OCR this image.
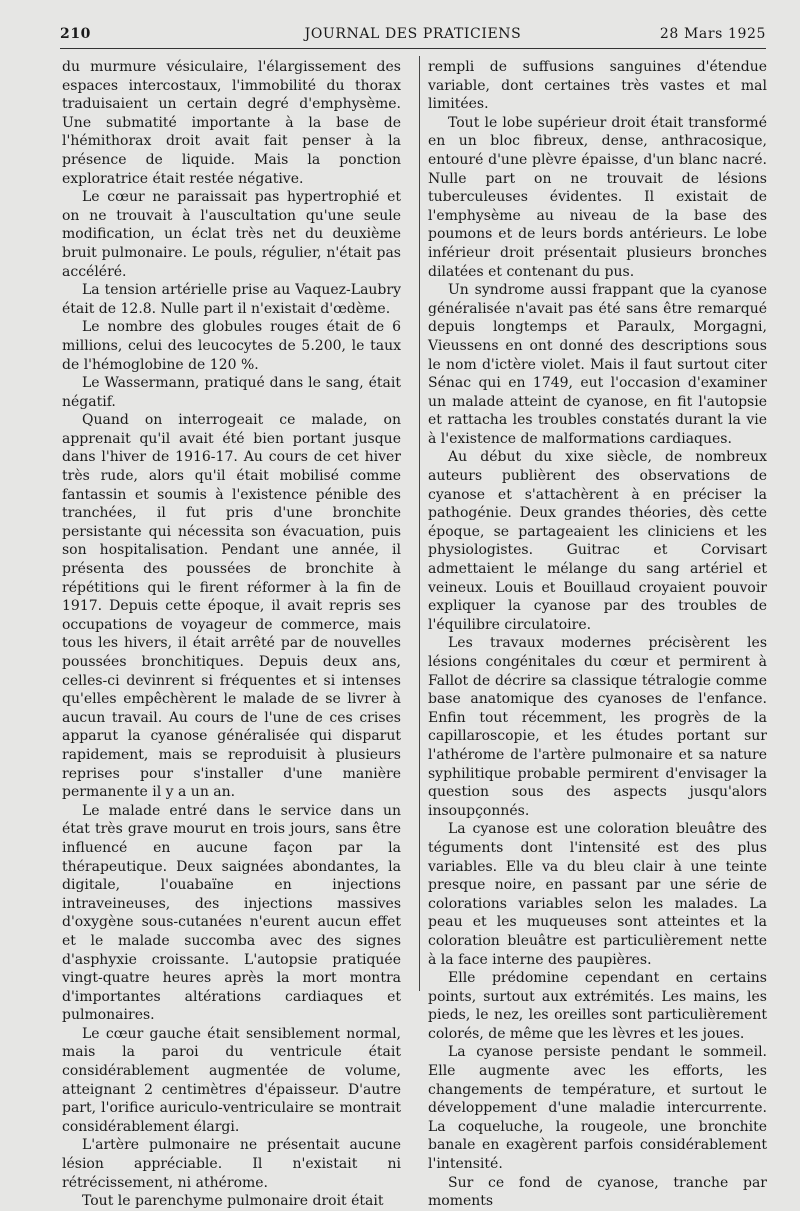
210	JOURNAL DES PRATICIENS	28 Mars 1925

du murmure vésiculaire, l'élargissement des espaces intercostaux, l'immobilité du thorax traduisaient un certain degré d'emphysème. Une submatité importante à la base de l'hémithorax droit avait fait penser à la présence de liquide. Mais la ponction exploratrice était restée négative.

Le cœur ne paraissait pas hypertrophié et on ne trouvait à l'auscultation qu'une seule modification, un éclat très net du deuxième bruit pulmonaire. Le pouls, régulier, n'était pas accéléré.

La tension artérielle prise au Vaquez-Laubry était de 12.8. Nulle part il n'existait d'œdème.

Le nombre des globules rouges était de 6 millions, celui des leucocytes de 5.200, le taux de l'hémoglobine de 120 %.

Le Wassermann, pratiqué dans le sang, était négatif.

Quand on interrogeait ce malade, on apprenait qu'il avait été bien portant jusque dans l'hiver de 1916-17. Au cours de cet hiver très rude, alors qu'il était mobilisé comme fantassin et soumis à l'existence pénible des tranchées, il fut pris d'une bronchite persistante qui nécessita son évacuation, puis son hospitalisation. Pendant une année, il présenta des poussées de bronchite à répétitions qui le firent réformer à la fin de 1917. Depuis cette époque, il avait repris ses occupations de voyageur de commerce, mais tous les hivers, il était arrêté par de nouvelles poussées bronchitiques. Depuis deux ans, celles-ci devinrent si fréquentes et si intenses qu'elles empêchèrent le malade de se livrer à aucun travail. Au cours de l'une de ces crises apparut la cyanose généralisée qui disparut rapidement, mais se reproduisit à plusieurs reprises pour s'installer d'une manière permanente il y a un an.

Le malade entré dans le service dans un état très grave mourut en trois jours, sans être influencé en aucune façon par la thérapeutique. Deux saignées abondantes, la digitale, l'ouabaïne en injections intraveineuses, des injections massives d'oxygène sous-cutanées n'eurent aucun effet et le malade succomba avec des signes d'asphyxie croissante. L'autopsie pratiquée vingt-quatre heures après la mort montra d'importantes altérations cardiaques et pulmonaires.

Le cœur gauche était sensiblement normal, mais la paroi du ventricule était considérablement augmentée de volume, atteignant 2 centimètres d'épaisseur. D'autre part, l'orifice auriculo-ventriculaire se montrait considérablement élargi.

L'artère pulmonaire ne présentait aucune lésion appréciable. Il n'existait ni rétrécissement, ni athérome.

Tout le parenchyme pulmonaire droit était

rempli de suffusions sanguines d'étendue variable, dont certaines très vastes et mal limitées.

Tout le lobe supérieur droit était transformé en un bloc fibreux, dense, anthracosique, entouré d'une plèvre épaisse, d'un blanc nacré. Nulle part on ne trouvait de lésions tuberculeuses évidentes. Il existait de l'emphysème au niveau de la base des poumons et de leurs bords antérieurs. Le lobe inférieur droit présentait plusieurs bronches dilatées et contenant du pus.

Un syndrome aussi frappant que la cyanose généralisée n'avait pas été sans être remarqué depuis longtemps et Paraulx, Morgagni, Vieussens en ont donné des descriptions sous le nom d'ictère violet. Mais il faut surtout citer Sénac qui en 1749, eut l'occasion d'examiner un malade atteint de cyanose, en fit l'autopsie et rattacha les troubles constatés durant la vie à l'existence de malformations cardiaques.

Au début du xixe siècle, de nombreux auteurs publièrent des observations de cyanose et s'attachèrent à en préciser la pathogénie. Deux grandes théories, dès cette époque, se partageaient les cliniciens et les physiologistes. Guitrac et Corvisart admettaient le mélange du sang artériel et veineux. Louis et Bouillaud croyaient pouvoir expliquer la cyanose par des troubles de l'équilibre circulatoire.

Les travaux modernes précisèrent les lésions congénitales du cœur et permirent à Fallot de décrire sa classique tétralogie comme base anatomique des cyanoses de l'enfance. Enfin tout récemment, les progrès de la capillaroscopie, et les études portant sur l'athérome de l'artère pulmonaire et sa nature syphilitique probable permirent d'envisager la question sous des aspects jusqu'alors insoupçonnés.

La cyanose est une coloration bleuâtre des téguments dont l'intensité est des plus variables. Elle va du bleu clair à une teinte presque noire, en passant par une série de colorations variables selon les malades. La peau et les muqueuses sont atteintes et la coloration bleuâtre est particulièrement nette à la face interne des paupières.

Elle prédomine cependant en certains points, surtout aux extrémités. Les mains, les pieds, le nez, les oreilles sont particulièrement colorés, de même que les lèvres et les joues.

La cyanose persiste pendant le sommeil. Elle augmente avec les efforts, les changements de température, et surtout le développement d'une maladie intercurrente. La coqueluche, la rougeole, une bronchite banale en exagèrent parfois considérablement l'intensité.

Sur ce fond de cyanose, tranche par moments
